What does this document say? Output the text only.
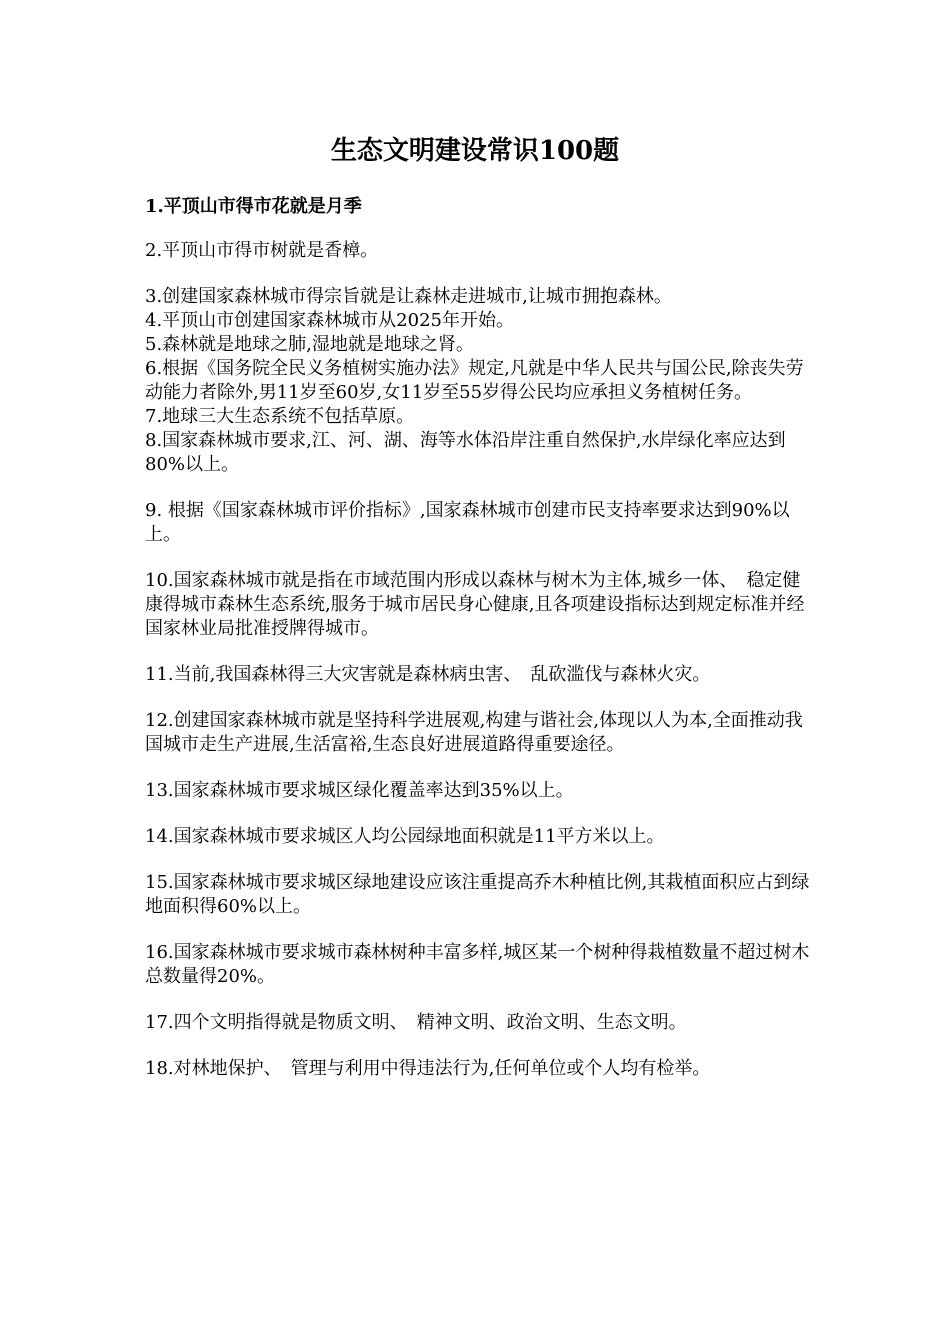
生态文明建设常识100题

1.平顶山市得市花就是月季

2.平顶山市得市树就是香樟。

3.创建国家森林城市得宗旨就是让森林走进城市,让城市拥抱森林。

4.平顶山市创建国家森林城市从2025年开始。

5.森林就是地球之肺,湿地就是地球之肾。

6.根据《国务院全民义务植树实施办法》规定,凡就是中华人民共与国公民,除丧失劳动能力者除外,男11岁至60岁,女11岁至55岁得公民均应承担义务植树任务。

7.地球三大生态系统不包括草原。

8.国家森林城市要求,江、河、湖、海等水体沿岸注重自然保护,水岸绿化率应达到80%以上。

9. 根据《国家森林城市评价指标》,国家森林城市创建市民支持率要求达到90%以上。

10.国家森林城市就是指在市域范围内形成以森林与树木为主体,城乡一体、　稳定健康得城市森林生态系统,服务于城市居民身心健康,且各项建设指标达到规定标准并经国家林业局批准授牌得城市。

11.当前,我国森林得三大灾害就是森林病虫害、　乱砍滥伐与森林火灾。

12.创建国家森林城市就是坚持科学进展观,构建与谐社会,体现以人为本,全面推动我国城市走生产进展,生活富裕,生态良好进展道路得重要途径。

13.国家森林城市要求城区绿化覆盖率达到35%以上。

14.国家森林城市要求城区人均公园绿地面积就是11平方米以上。

15.国家森林城市要求城区绿地建设应该注重提高乔木种植比例,其栽植面积应占到绿地面积得60%以上。

16.国家森林城市要求城市森林树种丰富多样,城区某一个树种得栽植数量不超过树木总数量得20%。

17.四个文明指得就是物质文明、　精神文明、政治文明、生态文明。

18.对林地保护、　管理与利用中得违法行为,任何单位或个人均有检举。
